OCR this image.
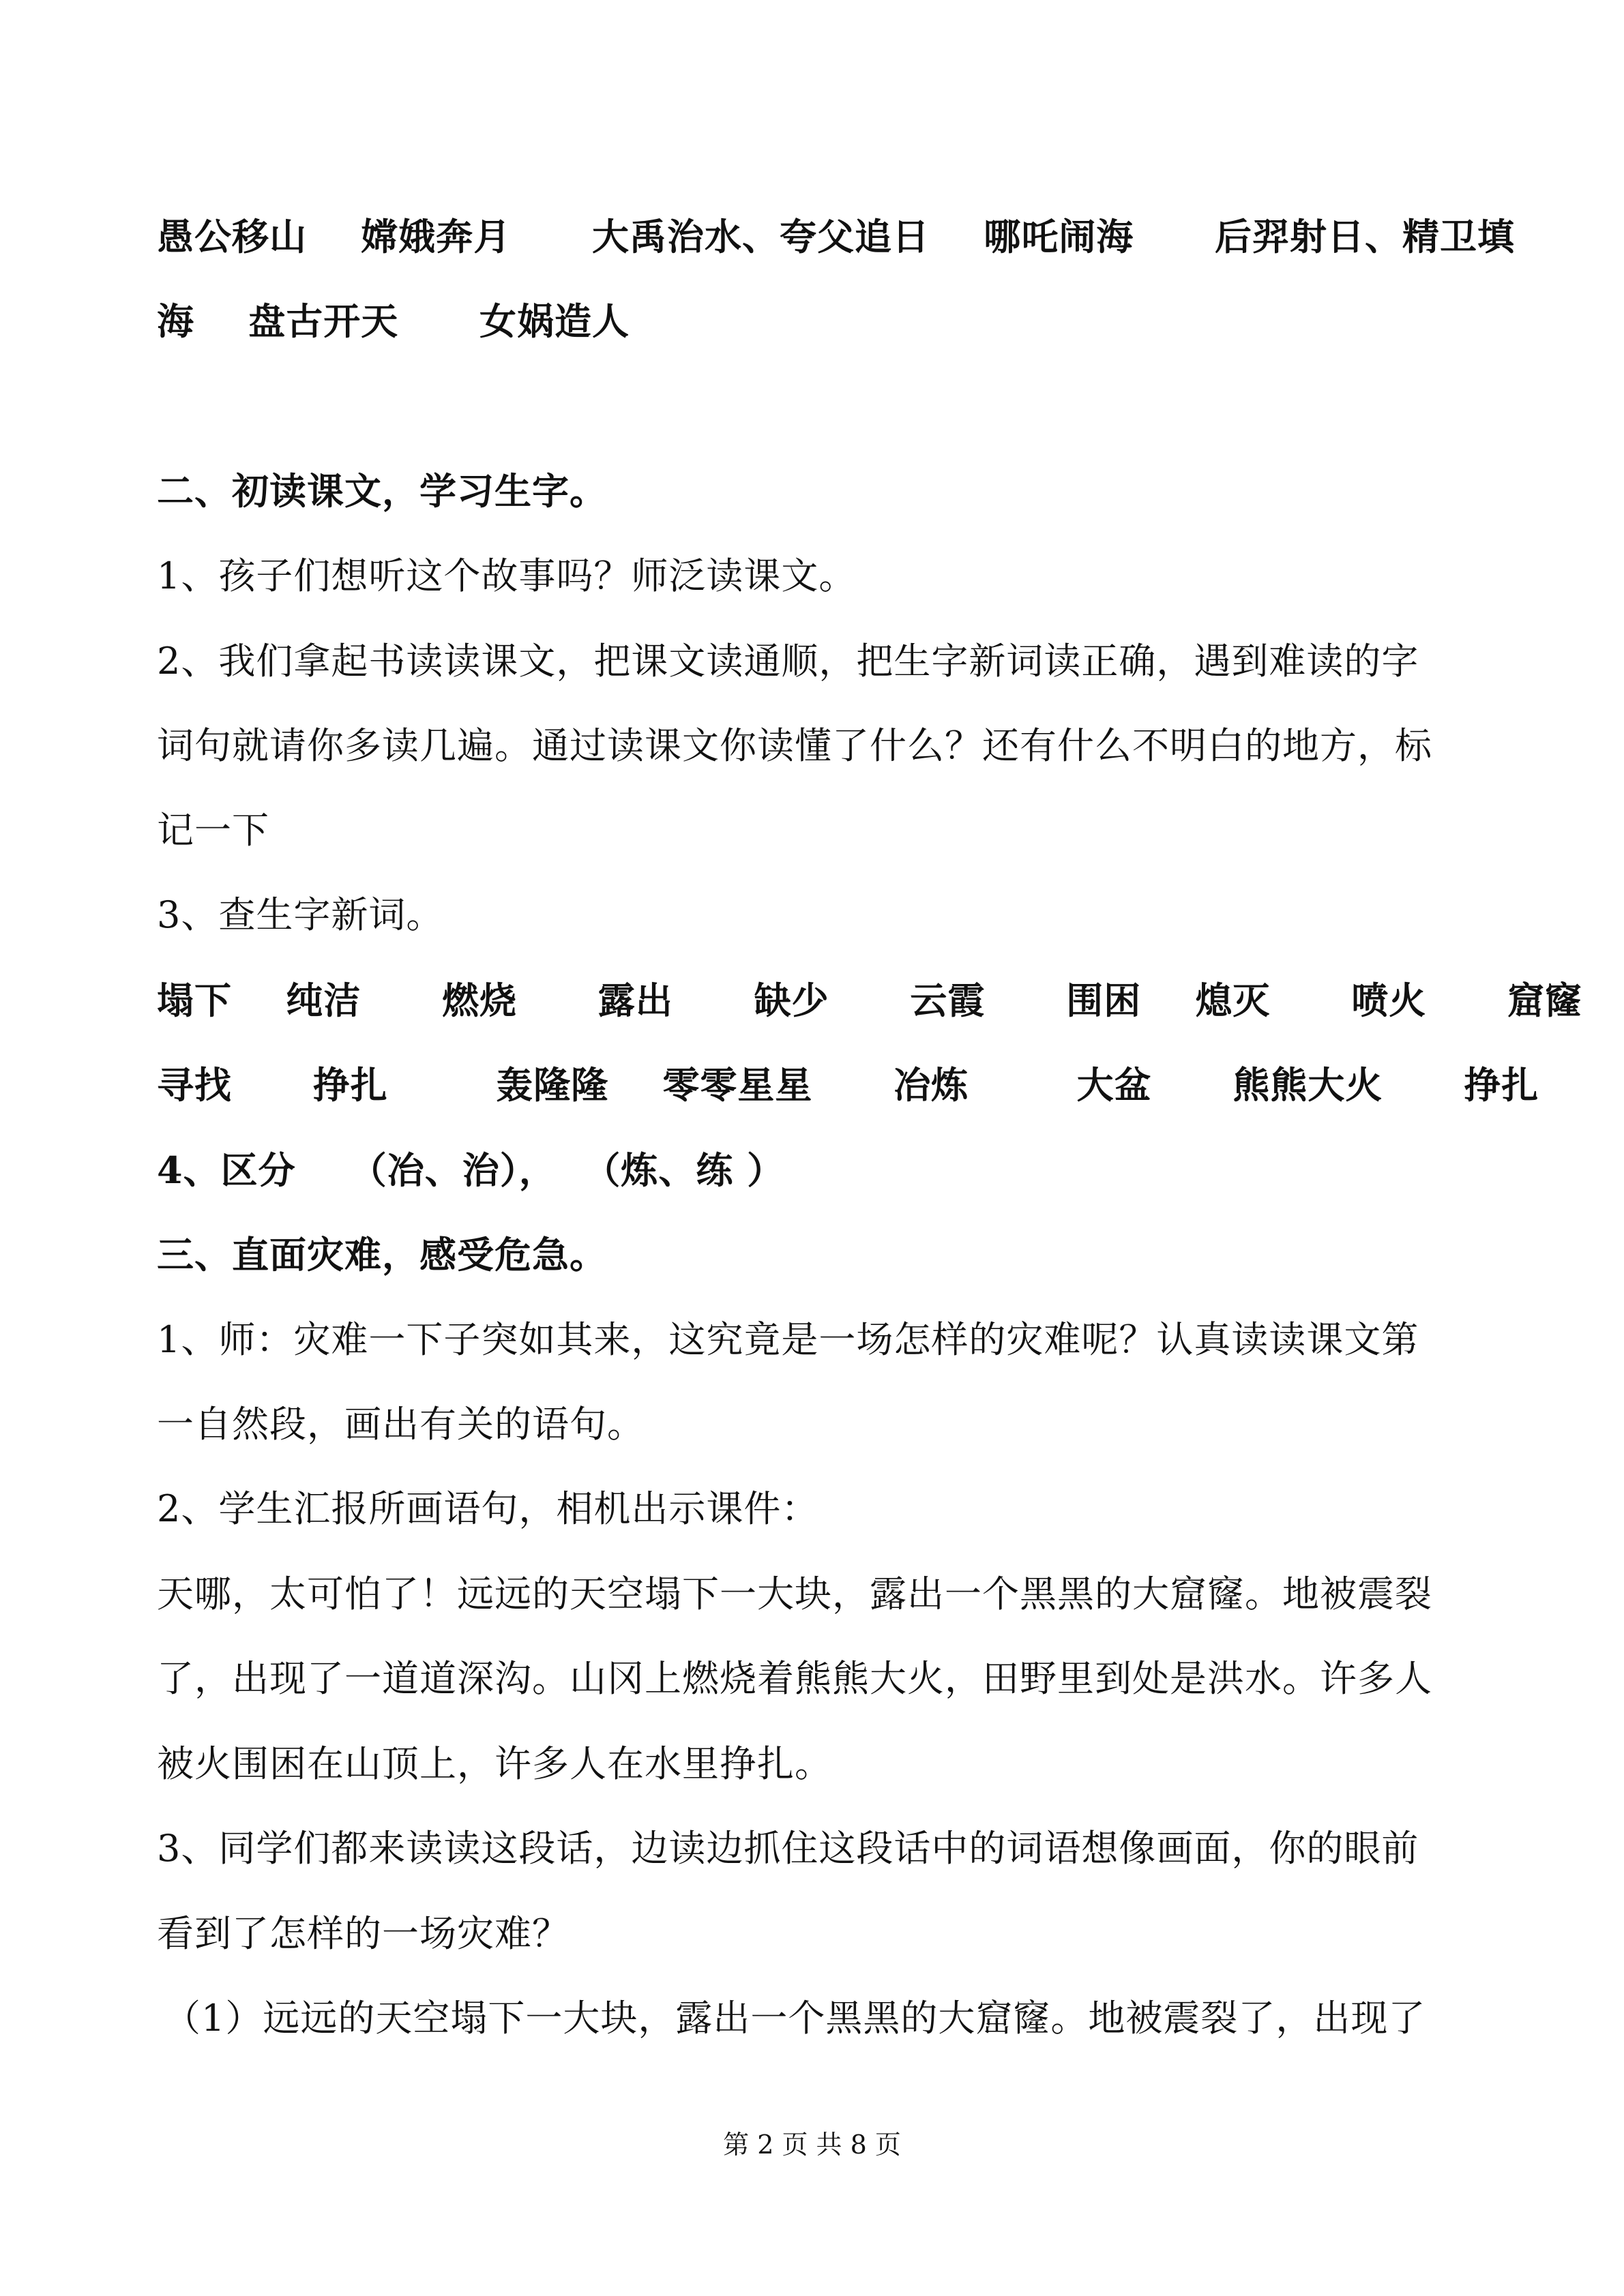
愚公移山    嫦娥奔月      大禹治水、夸父追日    哪吒闹海      后羿射日、精卫填
海    盘古开天      女娲造人
二、初读课文，学习生字。
1、孩子们想听这个故事吗？师泛读课文。
2、我们拿起书读读课文，把课文读通顺，把生字新词读正确，遇到难读的字
词句就请你多读几遍。通过读课文你读懂了什么？还有什么不明白的地方，标
记一下
3、查生字新词。
塌下    纯洁      燃烧      露出      缺少      云霞      围困    熄灭      喷火      窟窿
寻找      挣扎        轰隆隆    零零星星      冶炼        大盆      熊熊大火      挣扎
4、区分    （冶、治），  （炼、练 ）
三、直面灾难，感受危急。
1、师：灾难一下子突如其来，这究竟是一场怎样的灾难呢？认真读读课文第
一自然段，画出有关的语句。
2、学生汇报所画语句，相机出示课件：
天哪，太可怕了！远远的天空塌下一大块，露出一个黑黑的大窟窿。地被震裂
了，出现了一道道深沟。山冈上燃烧着熊熊大火，田野里到处是洪水。许多人
被火围困在山顶上，许多人在水里挣扎。
3、同学们都来读读这段话，边读边抓住这段话中的词语想像画面，你的眼前
看到了怎样的一场灾难？
（1）远远的天空塌下一大块，露出一个黑黑的大窟窿。地被震裂了，出现了
第 2 页 共 8 页
